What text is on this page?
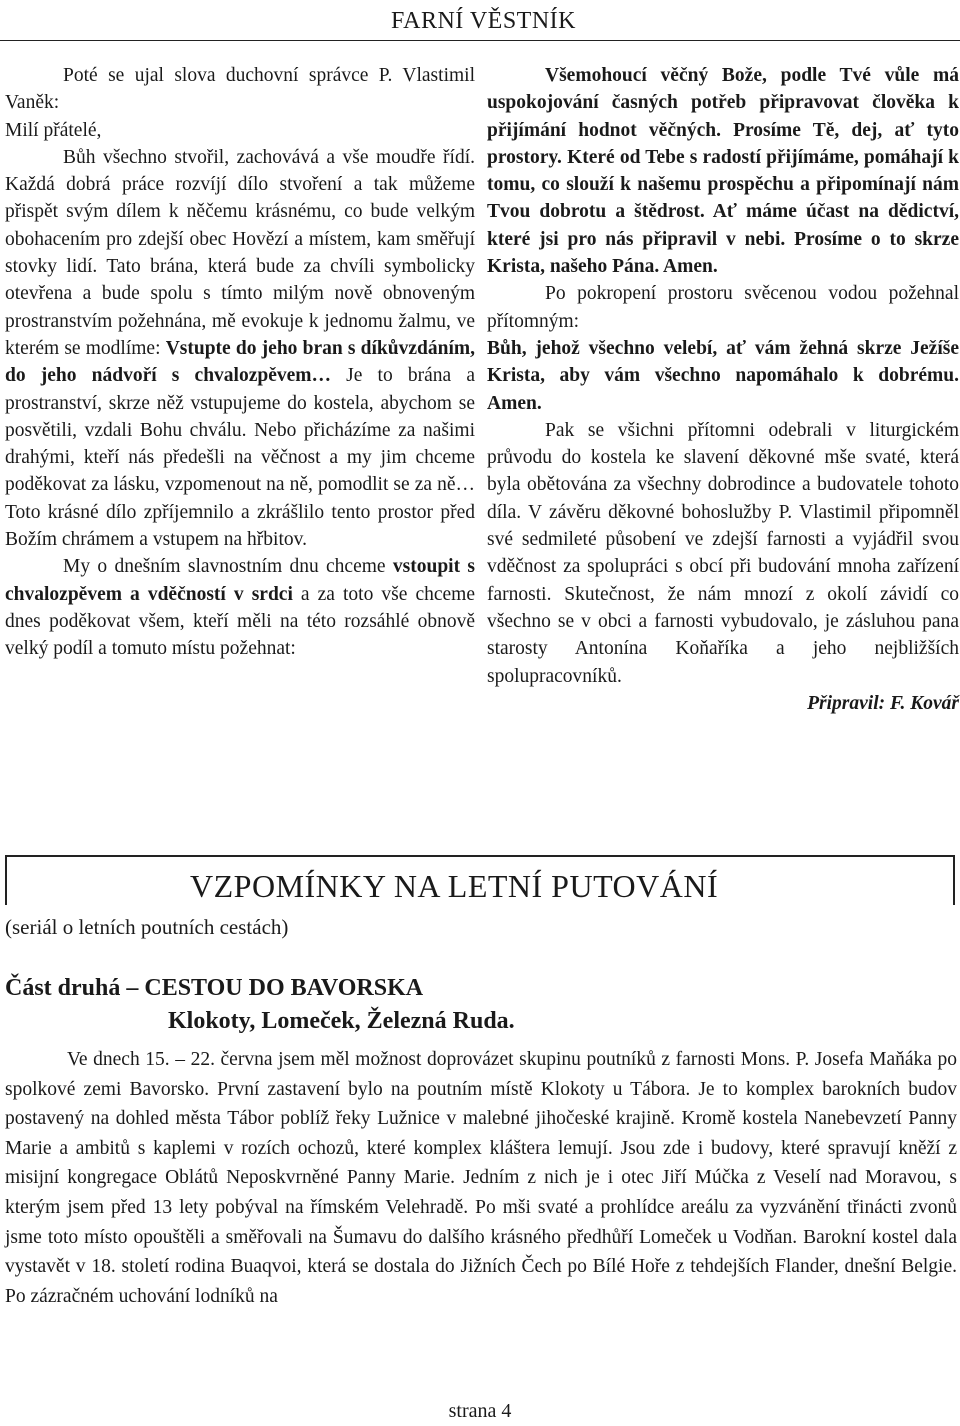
FARNÍ VĚSTNÍK

Poté se ujal slova duchovní správce P. Vlastimil Vaněk:

Milí přátelé,

Bůh všechno stvořil, zachovává a vše moudře řídí. Každá dobrá práce rozvíjí dílo stvoření a tak můžeme přispět svým dílem k něčemu krásnému, co bude velkým obohacením pro zdejší obec Hovězí a místem, kam směřují stovky lidí. Tato brána, která bude za chvíli symbolicky otevřena a bude spolu s tímto milým nově obnoveným prostranstvím požehnána, mě evokuje k jednomu žalmu, ve kterém se modlíme: Vstupte do jeho bran s díkůvzdáním, do jeho nádvoří s chvalozpěvem… Je to brána a prostranství, skrze něž vstupujeme do kostela, abychom se posvětili, vzdali Bohu chválu. Nebo přicházíme za našimi drahými, kteří nás předešli na věčnost a my jim chceme poděkovat za lásku, vzpomenout na ně, pomodlit se za ně… Toto krásné dílo zpříjemnilo a zkrášlilo tento prostor před Božím chrámem a vstupem na hřbitov.

My o dnešním slavnostním dnu chceme vstoupit s chvalozpěvem a vděčností v srdci a za toto vše chceme dnes poděkovat všem, kteří měli na této rozsáhlé obnově velký podíl a tomuto místu požehnat:

Všemohoucí věčný Bože, podle Tvé vůle má uspokojování časných potřeb připravovat člověka k přijímání hodnot věčných. Prosíme Tě, dej, ať tyto prostory. Které od Tebe s radostí přijímáme, pomáhají k tomu, co slouží k našemu prospěchu a připomínají nám Tvou dobrotu a štědrost. Ať máme účast na dědictví, které jsi pro nás připravil v nebi. Prosíme o to skrze Krista, našeho Pána. Amen.

Po pokropení prostoru svěcenou vodou požehnal přítomným:

Bůh, jehož všechno velebí, ať vám žehná skrze Ježíše Krista, aby vám všechno napomáhalo k dobrému. Amen.

Pak se všichni přítomni odebrali v liturgickém průvodu do kostela ke slavení děkovné mše svaté, která byla obětována za všechny dobrodince a budovatele tohoto díla. V závěru děkovné bohoslužby P. Vlastimil připomněl své sedmileté působení ve zdejší farnosti a vyjádřil svou vděčnost za spolupráci s obcí při budování mnoha zařízení farnosti. Skutečnost, že nám mnozí z okolí závidí co všechno se v obci a farnosti vybudovalo, je zásluhou pana starosty Antonína Koňaříka a jeho nejbližších spolupracovníků.

Připravil: F. Kovář

VZPOMÍNKY NA LETNÍ PUTOVÁNÍ
(seriál o letních poutních cestách)
Část druhá – CESTOU DO BAVORSKA
Klokoty, Lomeček, Železná Ruda.

Ve dnech 15. – 22. června jsem měl možnost doprovázet skupinu poutníků z farnosti Mons. P. Josefa Maňáka po spolkové zemi Bavorsko. První zastavení bylo na poutním místě Klokoty u Tábora. Je to komplex barokních budov postavený na dohled města Tábor poblíž řeky Lužnice v malebné jihočeské krajině. Kromě kostela Nanebevzetí Panny Marie a ambitů s kaplemi v rozích ochozů, které komplex kláštera lemují. Jsou zde i budovy, které spravují kněží z misijní kongregace Oblátů Neposkvrněné Panny Marie. Jedním z nich je i otec Jiří Múčka z Veselí nad Moravou, s kterým jsem před 13 lety pobýval na římském Velehradě. Po mši svaté a prohlídce areálu za vyzvánění třinácti zvonů jsme toto místo opouštěli a směřovali na Šumavu do dalšího krásného předhůří Lomeček u Vodňan. Barokní kostel dala vystavět v 18. století rodina Buaqvoi, která se dostala do Jižních Čech po Bílé Hoře z tehdejších Flander, dnešní Belgie. Po zázračném uchování lodníků na

strana 4
